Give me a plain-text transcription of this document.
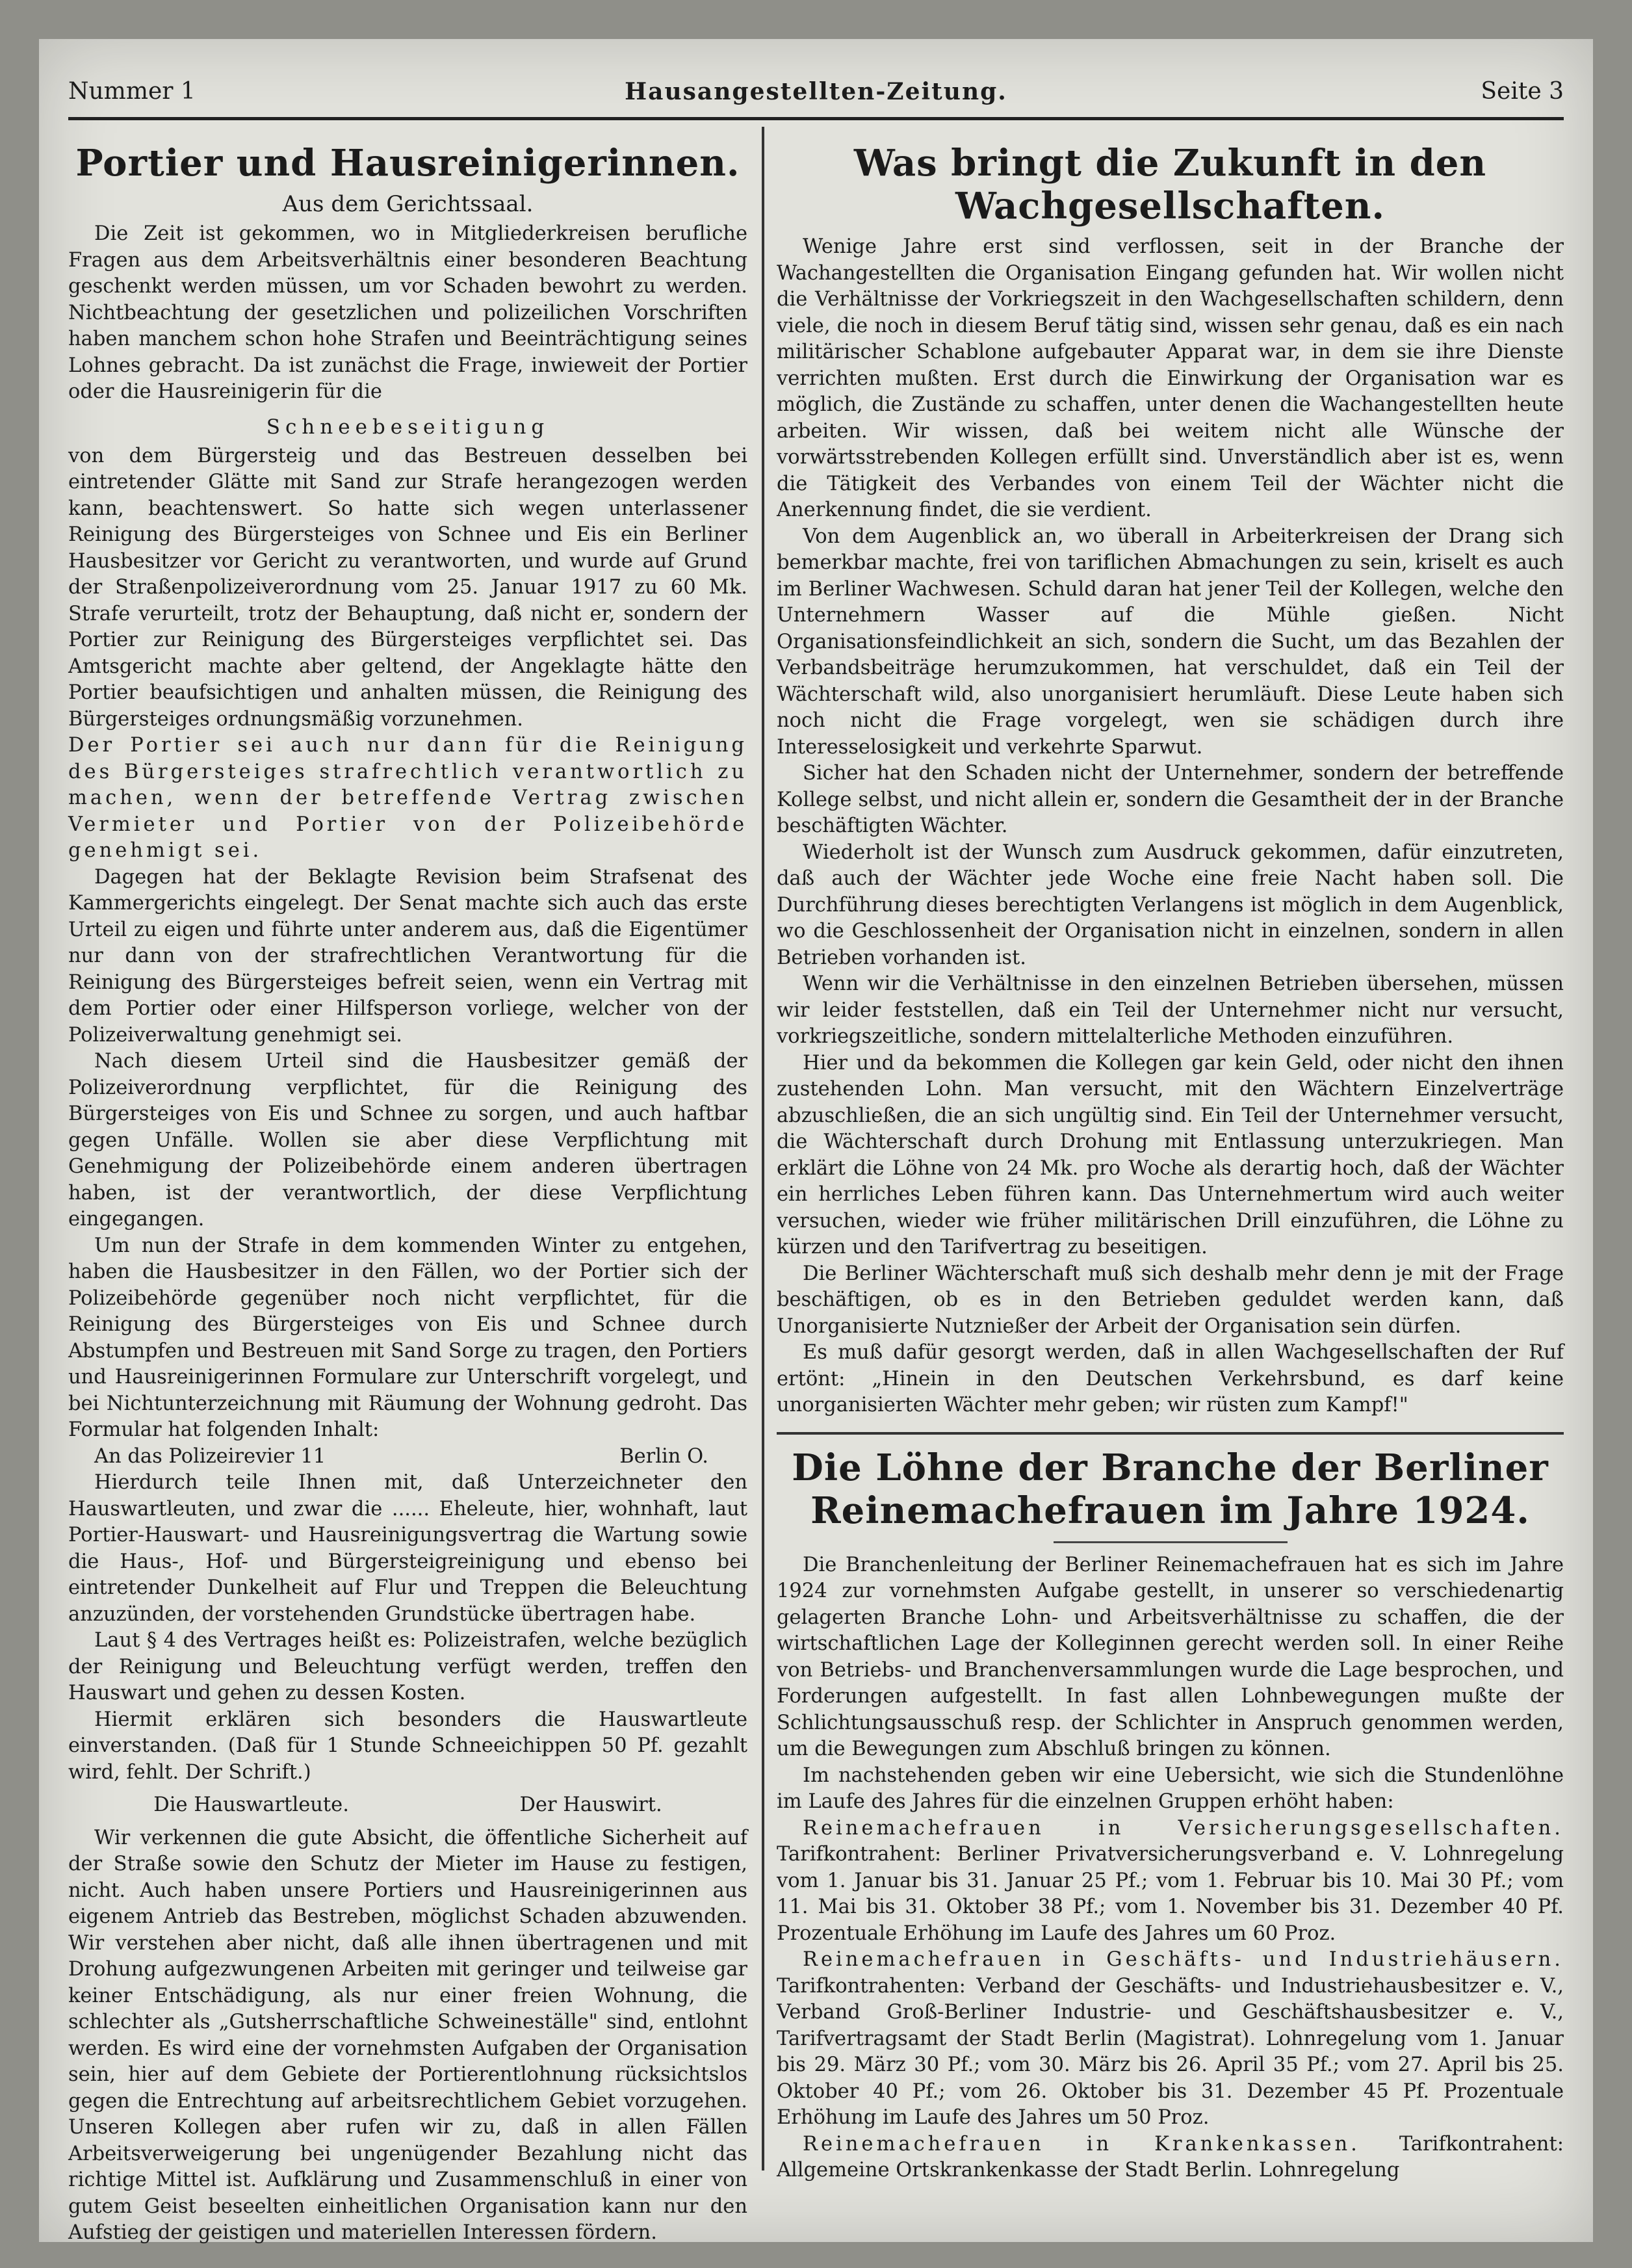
Nummer 1	Hausangestellten-Zeitung.	Seite 3
Portier und Hausreinigerinnen.
Aus dem Gerichtssaal.

Die Zeit ist gekommen, wo in Mitgliederkreisen berufliche Fragen aus dem Arbeitsverhältnis einer besonderen Beachtung geschenkt werden müssen, um vor Schaden bewohrt zu werden. Nichtbeachtung der gesetzlichen und polizeilichen Vorschriften haben manchem schon hohe Strafen und Beeinträchtigung seines Lohnes gebracht. Da ist zunächst die Frage, inwieweit der Portier oder die Hausreinigerin für die

Schneebeseitigung

von dem Bürgersteig und das Bestreuen desselben bei eintretender Glätte mit Sand zur Strafe herangezogen werden kann, beachtenswert. So hatte sich wegen unterlassener Reinigung des Bürgersteiges von Schnee und Eis ein Berliner Hausbesitzer vor Gericht zu verantworten, und wurde auf Grund der Straßenpolizeiverordnung vom 25. Januar 1917 zu 60 Mk. Strafe verurteilt, trotz der Behauptung, daß nicht er, sondern der Portier zur Reinigung des Bürgersteiges verpflichtet sei. Das Amtsgericht machte aber geltend, der Angeklagte hätte den Portier beaufsichtigen und anhalten müssen, die Reinigung des Bürgersteiges ordnungsmäßig vorzunehmen.

Der Portier sei auch nur dann für die Reinigung des Bürgersteiges strafrechtlich verantwortlich zu machen, wenn der betreffende Vertrag zwischen Vermieter und Portier von der Polizeibehörde genehmigt sei.

Dagegen hat der Beklagte Revision beim Strafsenat des Kammergerichts eingelegt. Der Senat machte sich auch das erste Urteil zu eigen und führte unter anderem aus, daß die Eigentümer nur dann von der strafrechtlichen Verantwortung für die Reinigung des Bürgersteiges befreit seien, wenn ein Vertrag mit dem Portier oder einer Hilfsperson vorliege, welcher von der Polizeiverwaltung genehmigt sei.

Nach diesem Urteil sind die Hausbesitzer gemäß der Polizeiverordnung verpflichtet, für die Reinigung des Bürgersteiges von Eis und Schnee zu sorgen, und auch haftbar gegen Unfälle. Wollen sie aber diese Verpflichtung mit Genehmigung der Polizeibehörde einem anderen übertragen haben, ist der verantwortlich, der diese Verpflichtung eingegangen.

Um nun der Strafe in dem kommenden Winter zu entgehen, haben die Hausbesitzer in den Fällen, wo der Portier sich der Polizeibehörde gegenüber noch nicht verpflichtet, für die Reinigung des Bürgersteiges von Eis und Schnee durch Abstumpfen und Bestreuen mit Sand Sorge zu tragen, den Portiers und Hausreinigerinnen Formulare zur Unterschrift vorgelegt, und bei Nichtunterzeichnung mit Räumung der Wohnung gedroht. Das Formular hat folgenden Inhalt:

An das Polizeirevier 11	Berlin O.

Hierdurch teile Ihnen mit, daß Unterzeichneter den Hauswartleuten, und zwar die ...... Eheleute, hier, wohnhaft, laut Portier-Hauswart- und Hausreinigungsvertrag die Wartung sowie die Haus-, Hof- und Bürgersteigreinigung und ebenso bei eintretender Dunkelheit auf Flur und Treppen die Beleuchtung anzuzünden, der vorstehenden Grundstücke übertragen habe.

Laut § 4 des Vertrages heißt es: Polizeistrafen, welche bezüglich der Reinigung und Beleuchtung verfügt werden, treffen den Hauswart und gehen zu dessen Kosten.

Hiermit erklären sich besonders die Hauswartleute einverstanden. (Daß für 1 Stunde Schneeichippen 50 Pf. gezahlt wird, fehlt. Der Schrift.)

Die Hauswartleute.	Der Hauswirt.

Wir verkennen die gute Absicht, die öffentliche Sicherheit auf der Straße sowie den Schutz der Mieter im Hause zu festigen, nicht. Auch haben unsere Portiers und Hausreinigerinnen aus eigenem Antrieb das Bestreben, möglichst Schaden abzuwenden. Wir verstehen aber nicht, daß alle ihnen übertragenen und mit Drohung aufgezwungenen Arbeiten mit geringer und teilweise gar keiner Entschädigung, als nur einer freien Wohnung, die schlechter als „Gutsherrschaftliche Schweineställe" sind, entlohnt werden. Es wird eine der vornehmsten Aufgaben der Organisation sein, hier auf dem Gebiete der Portierentlohnung rücksichtslos gegen die Entrechtung auf arbeitsrechtlichem Gebiet vorzugehen. Unseren Kollegen aber rufen wir zu, daß in allen Fällen Arbeitsverweigerung bei ungenügender Bezahlung nicht das richtige Mittel ist. Aufklärung und Zusammenschluß in einer von gutem Geist beseelten einheitlichen Organisation kann nur den Aufstieg der geistigen und materiellen Interessen fördern.

Was bringt die Zukunft in den Wachgesellschaften.

Wenige Jahre erst sind verflossen, seit in der Branche der Wachangestellten die Organisation Eingang gefunden hat. Wir wollen nicht die Verhältnisse der Vorkriegszeit in den Wachgesellschaften schildern, denn viele, die noch in diesem Beruf tätig sind, wissen sehr genau, daß es ein nach militärischer Schablone aufgebauter Apparat war, in dem sie ihre Dienste verrichten mußten. Erst durch die Einwirkung der Organisation war es möglich, die Zustände zu schaffen, unter denen die Wachangestellten heute arbeiten. Wir wissen, daß bei weitem nicht alle Wünsche der vorwärtsstrebenden Kollegen erfüllt sind. Unverständlich aber ist es, wenn die Tätigkeit des Verbandes von einem Teil der Wächter nicht die Anerkennung findet, die sie verdient.

Von dem Augenblick an, wo überall in Arbeiterkreisen der Drang sich bemerkbar machte, frei von tariflichen Abmachungen zu sein, kriselt es auch im Berliner Wachwesen. Schuld daran hat jener Teil der Kollegen, welche den Unternehmern Wasser auf die Mühle gießen. Nicht Organisationsfeindlichkeit an sich, sondern die Sucht, um das Bezahlen der Verbandsbeiträge herumzukommen, hat verschuldet, daß ein Teil der Wächterschaft wild, also unorganisiert herumläuft. Diese Leute haben sich noch nicht die Frage vorgelegt, wen sie schädigen durch ihre Interesselosigkeit und verkehrte Sparwut.

Sicher hat den Schaden nicht der Unternehmer, sondern der betreffende Kollege selbst, und nicht allein er, sondern die Gesamtheit der in der Branche beschäftigten Wächter.

Wiederholt ist der Wunsch zum Ausdruck gekommen, dafür einzutreten, daß auch der Wächter jede Woche eine freie Nacht haben soll. Die Durchführung dieses berechtigten Verlangens ist möglich in dem Augenblick, wo die Geschlossenheit der Organisation nicht in einzelnen, sondern in allen Betrieben vorhanden ist.

Wenn wir die Verhältnisse in den einzelnen Betrieben übersehen, müssen wir leider feststellen, daß ein Teil der Unternehmer nicht nur versucht, vorkriegszeitliche, sondern mittelalterliche Methoden einzuführen.

Hier und da bekommen die Kollegen gar kein Geld, oder nicht den ihnen zustehenden Lohn. Man versucht, mit den Wächtern Einzelverträge abzuschließen, die an sich ungültig sind. Ein Teil der Unternehmer versucht, die Wächterschaft durch Drohung mit Entlassung unterzukriegen. Man erklärt die Löhne von 24 Mk. pro Woche als derartig hoch, daß der Wächter ein herrliches Leben führen kann. Das Unternehmertum wird auch weiter versuchen, wieder wie früher militärischen Drill einzuführen, die Löhne zu kürzen und den Tarifvertrag zu beseitigen.

Die Berliner Wächterschaft muß sich deshalb mehr denn je mit der Frage beschäftigen, ob es in den Betrieben geduldet werden kann, daß Unorganisierte Nutznießer der Arbeit der Organisation sein dürfen.

Es muß dafür gesorgt werden, daß in allen Wachgesellschaften der Ruf ertönt: „Hinein in den Deutschen Verkehrsbund, es darf keine unorganisierten Wächter mehr geben; wir rüsten zum Kampf!"

Die Löhne der Branche der Berliner Reinemachefrauen im Jahre 1924.

Die Branchenleitung der Berliner Reinemachefrauen hat es sich im Jahre 1924 zur vornehmsten Aufgabe gestellt, in unserer so verschiedenartig gelagerten Branche Lohn- und Arbeitsverhältnisse zu schaffen, die der wirtschaftlichen Lage der Kolleginnen gerecht werden soll. In einer Reihe von Betriebs- und Branchenversammlungen wurde die Lage besprochen, und Forderungen aufgestellt. In fast allen Lohnbewegungen mußte der Schlichtungsausschuß resp. der Schlichter in Anspruch genommen werden, um die Bewegungen zum Abschluß bringen zu können.

Im nachstehenden geben wir eine Uebersicht, wie sich die Stundenlöhne im Laufe des Jahres für die einzelnen Gruppen erhöht haben:

Reinemachefrauen in Versicherungsgesellschaften. Tarifkontrahent: Berliner Privatversicherungsverband e. V. Lohnregelung vom 1. Januar bis 31. Januar 25 Pf.; vom 1. Februar bis 10. Mai 30 Pf.; vom 11. Mai bis 31. Oktober 38 Pf.; vom 1. November bis 31. Dezember 40 Pf. Prozentuale Erhöhung im Laufe des Jahres um 60 Proz.

Reinemachefrauen in Geschäfts- und Industriehäusern. Tarifkontrahenten: Verband der Geschäfts- und Industriehausbesitzer e. V., Verband Groß-Berliner Industrie- und Geschäftshausbesitzer e. V., Tarifvertragsamt der Stadt Berlin (Magistrat). Lohnregelung vom 1. Januar bis 29. März 30 Pf.; vom 30. März bis 26. April 35 Pf.; vom 27. April bis 25. Oktober 40 Pf.; vom 26. Oktober bis 31. Dezember 45 Pf. Prozentuale Erhöhung im Laufe des Jahres um 50 Proz.

Reinemachefrauen in Krankenkassen. Tarifkontrahent: Allgemeine Ortskrankenkasse der Stadt Berlin. Lohnregelung
